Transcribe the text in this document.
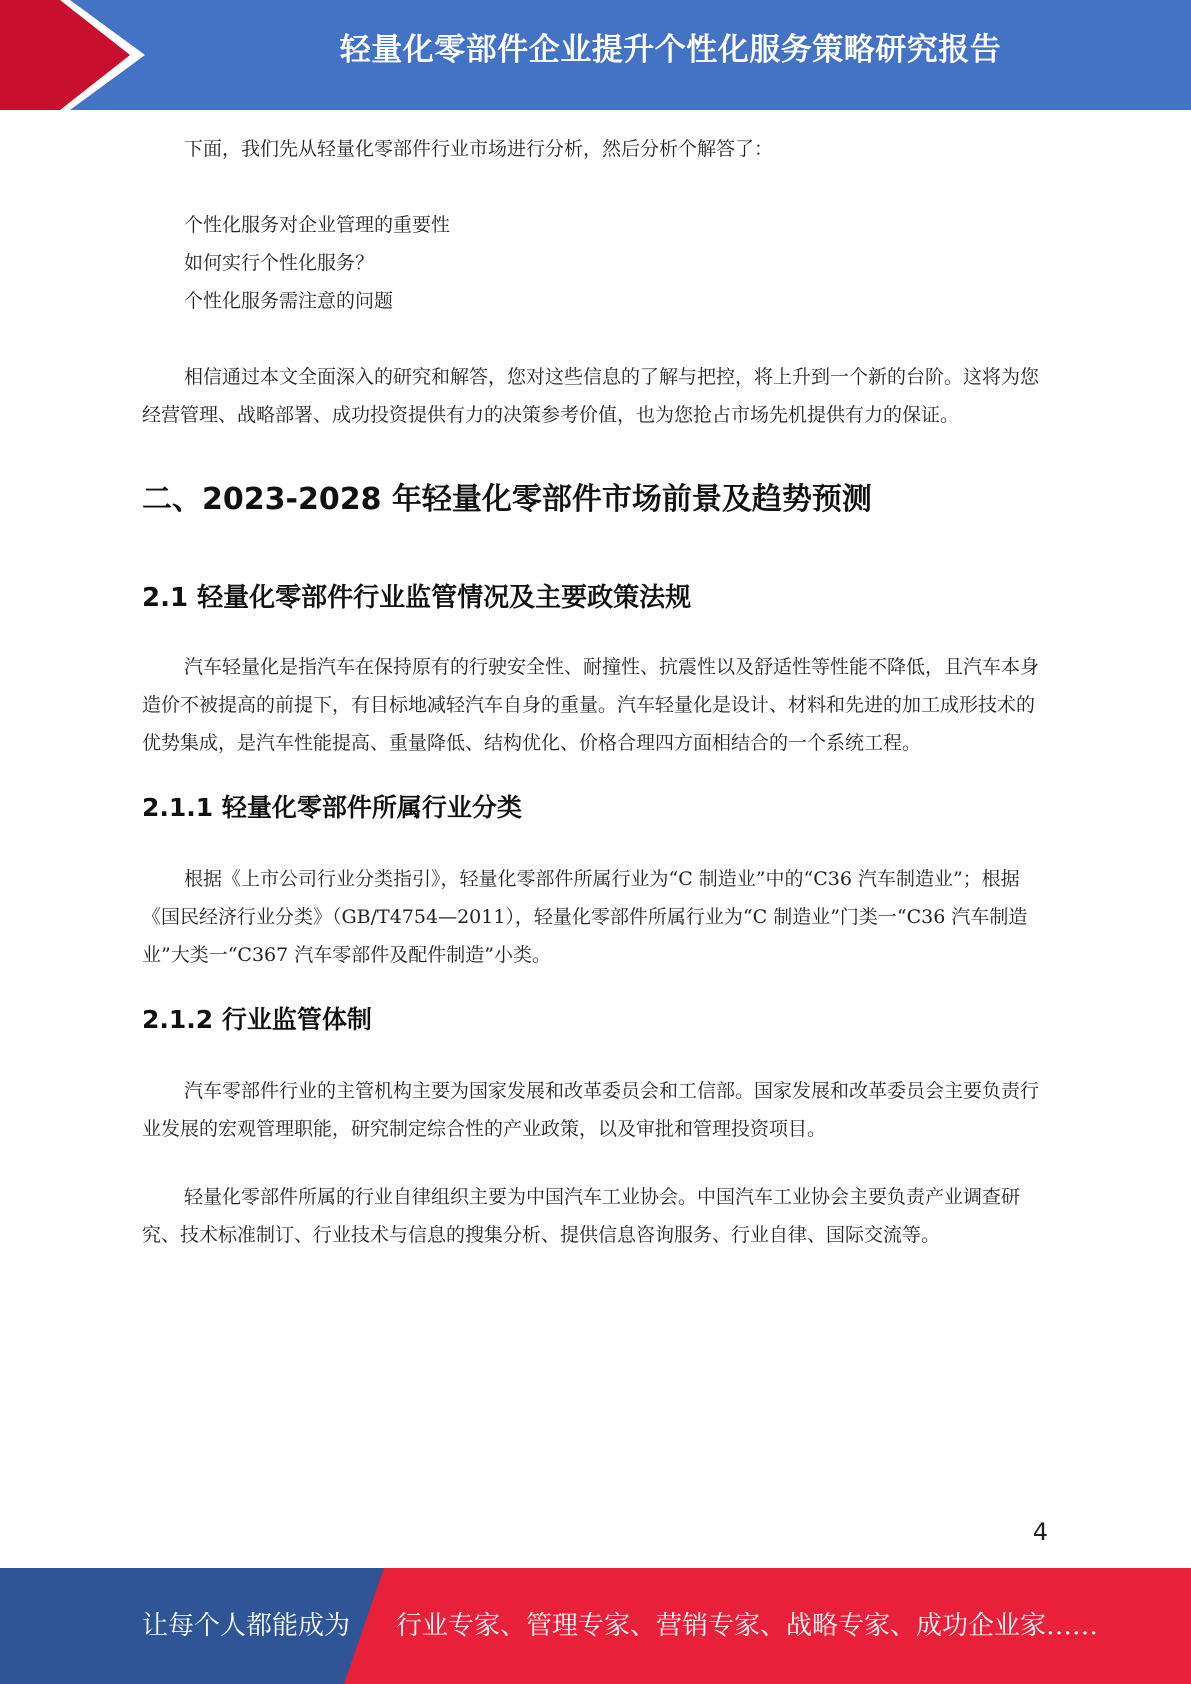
轻量化零部件企业提升个性化服务策略研究报告

下面，我们先从轻量化零部件行业市场进行分析，然后分析个解答了：

个性化服务对企业管理的重要性

如何实行个性化服务？

个性化服务需注意的问题

相信通过本文全面深入的研究和解答，您对这些信息的了解与把控，将上升到一个新的台阶。这将为您经营管理、战略部署、成功投资提供有力的决策参考价值，也为您抢占市场先机提供有力的保证。

二、2023-2028 年轻量化零部件市场前景及趋势预测
2.1 轻量化零部件行业监管情况及主要政策法规

汽车轻量化是指汽车在保持原有的行驶安全性、耐撞性、抗震性以及舒适性等性能不降低，且汽车本身造价不被提高的前提下，有目标地减轻汽车自身的重量。汽车轻量化是设计、材料和先进的加工成形技术的优势集成，是汽车性能提高、重量降低、结构优化、价格合理四方面相结合的一个系统工程。

2.1.1 轻量化零部件所属行业分类

根据《上市公司行业分类指引》，轻量化零部件所属行业为“C 制造业”中的“C36 汽车制造业”；根据《国民经济行业分类》（GB/T4754—2011），轻量化零部件所属行业为“C 制造业”门类一“C36 汽车制造业”大类一“C367 汽车零部件及配件制造”小类。

2.1.2 行业监管体制

汽车零部件行业的主管机构主要为国家发展和改革委员会和工信部。国家发展和改革委员会主要负责行业发展的宏观管理职能，研究制定综合性的产业政策，以及审批和管理投资项目。

轻量化零部件所属的行业自律组织主要为中国汽车工业协会。中国汽车工业协会主要负责产业调查研究、技术标准制订、行业技术与信息的搜集分析、提供信息咨询服务、行业自律、国际交流等。

4
让每个人都能成为 行业专家、管理专家、营销专家、战略专家、成功企业家……
